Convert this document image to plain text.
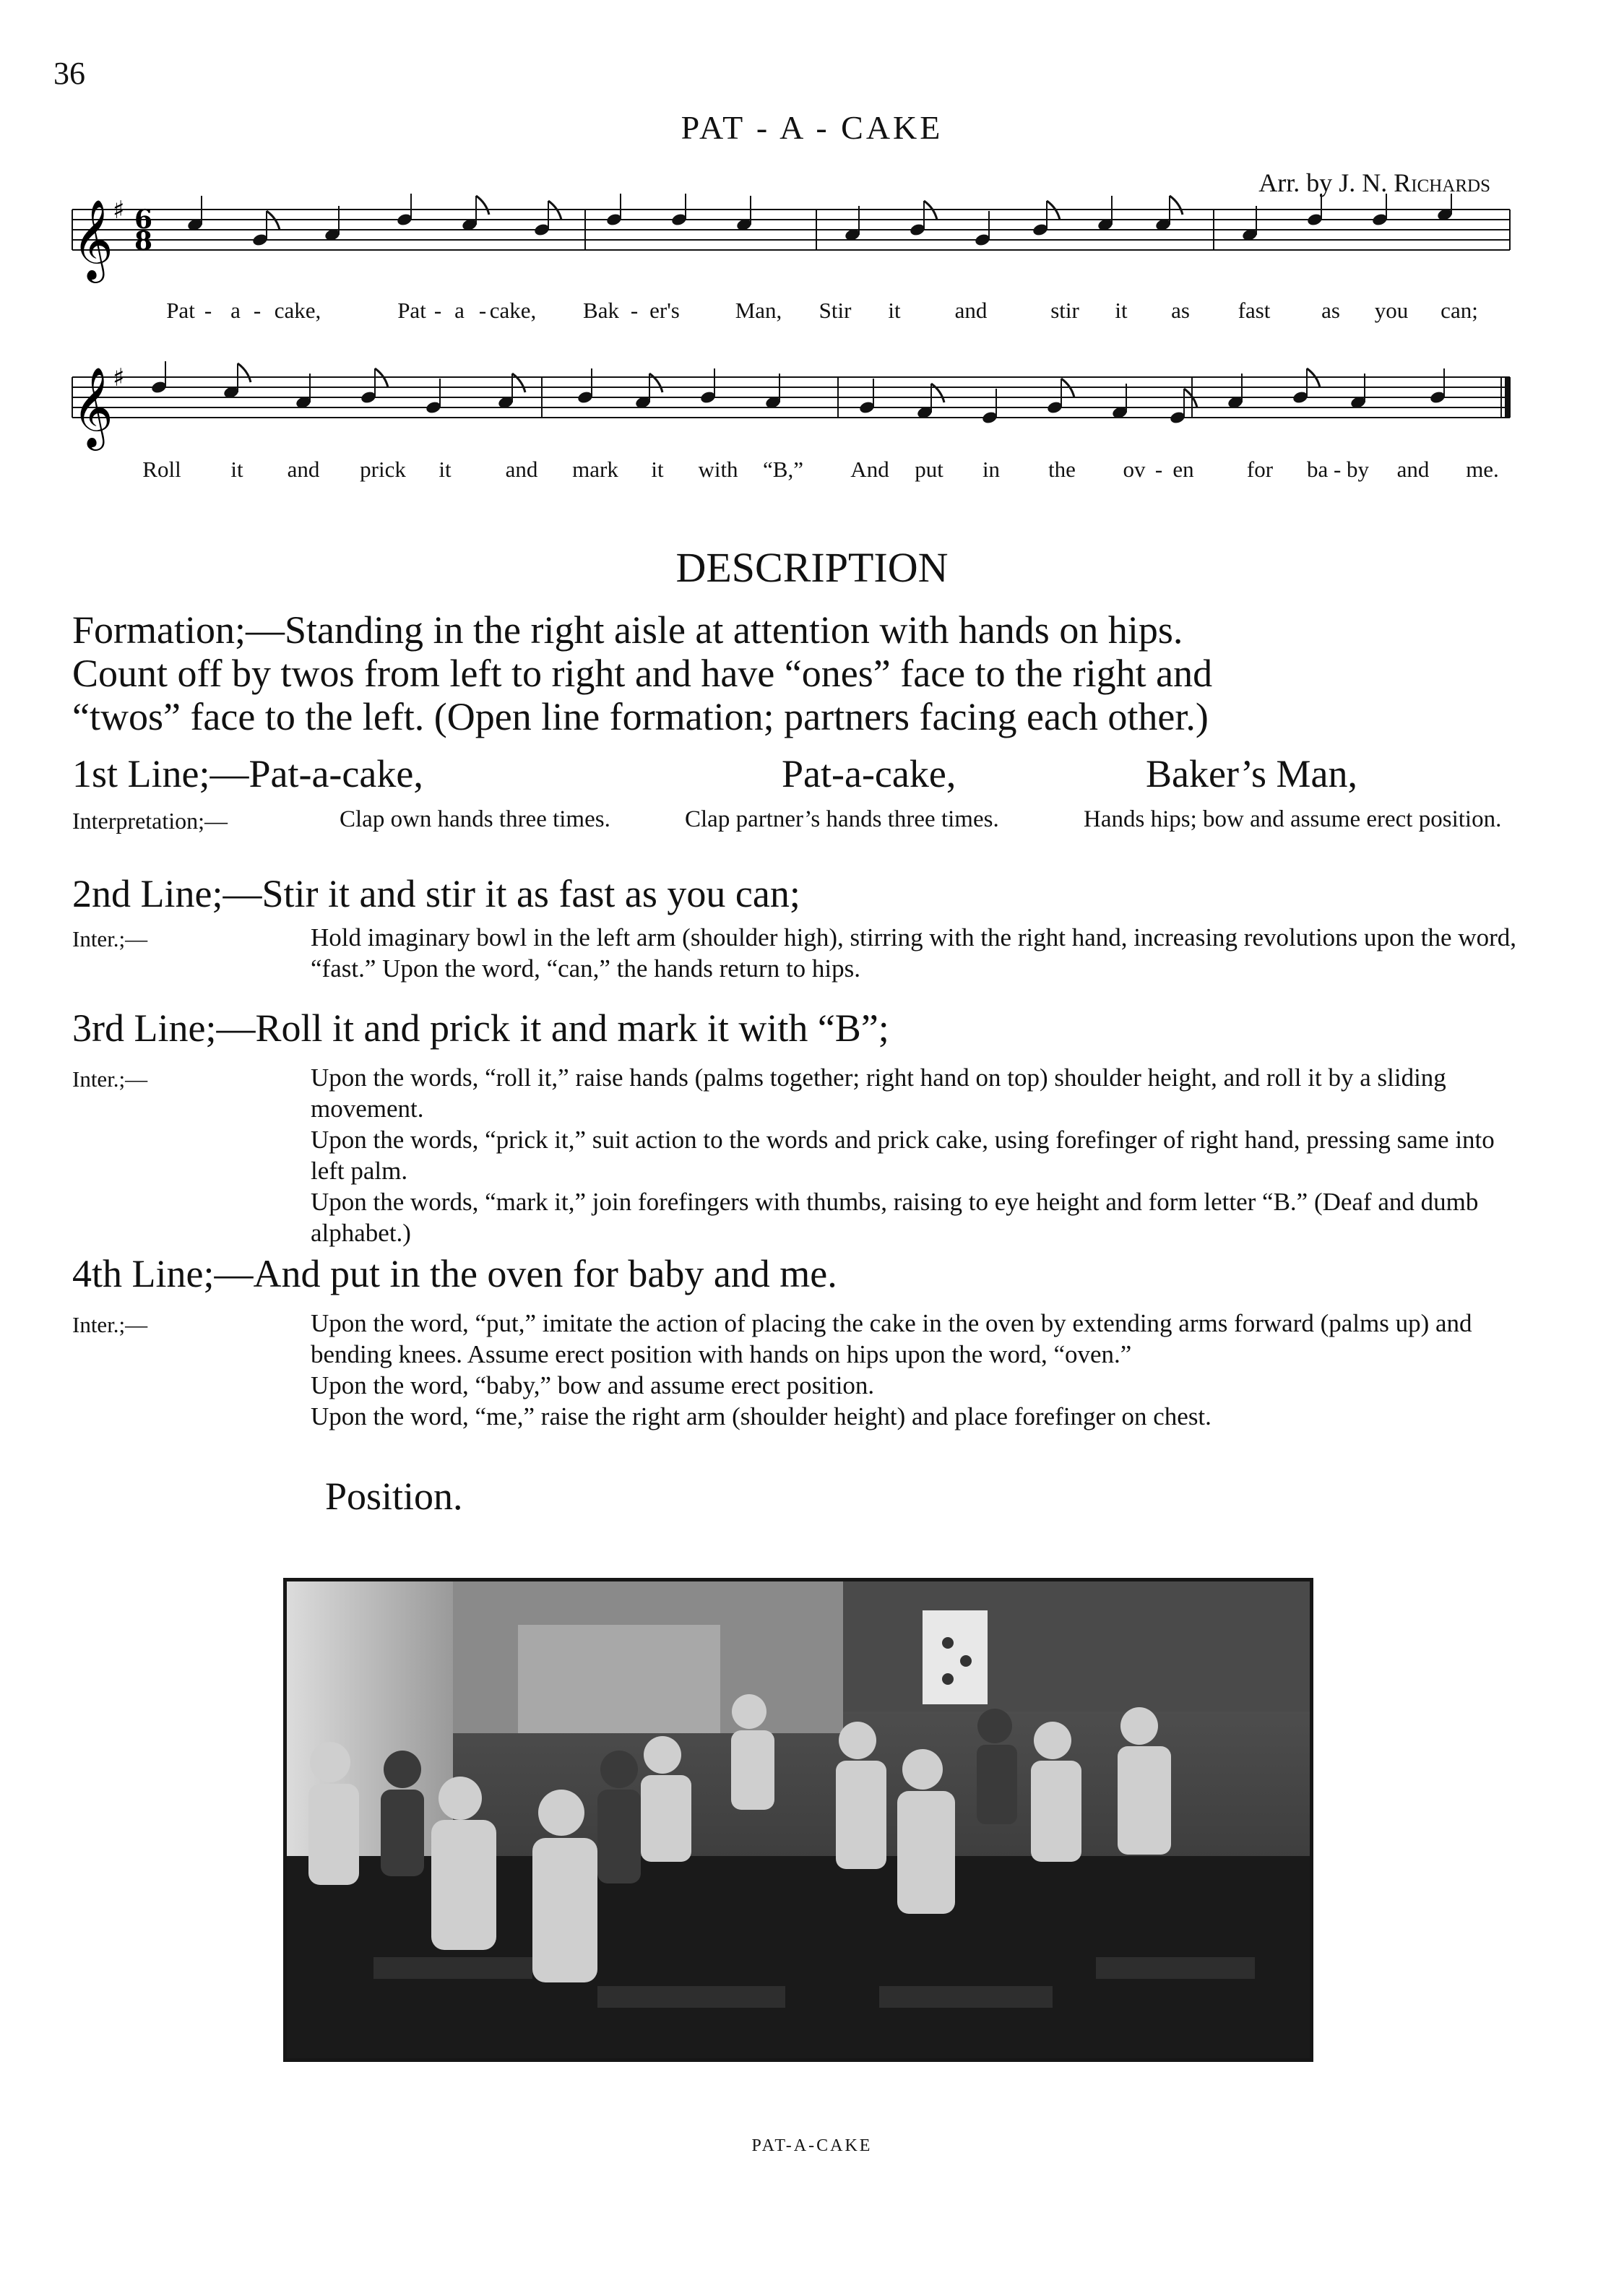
36
PAT - A - CAKE
Arr. by J. N. Richards
𝄞 ♯ 6
8
Pat - a - cake,	Pat - a - cake, Bak - er's Man, Stir it and	stir it as fast as you can;
𝄞 ♯
Roll it and prick it and mark it with “B,” And put in the ov - en for ba - by and me.
DESCRIPTION
Formation;—Standing in the right aisle at attention with hands on hips.
Count off by twos from left to right and have “ones” face to the right and
“twos” face to the left. (Open line formation; partners facing each other.)
1st Line;—Pat-a-cake,	Pat-a-cake,	Baker’s Man,
Interpretation;—	Clap own hands three times.	Clap partner’s hands three times.	Hands hips; bow and assume erect position.
2nd Line;—Stir it and stir it as fast as you can;
Inter.;—	Hold imaginary bowl in the left arm (shoulder high), stirring with the right hand, increasing revolutions upon the word, “fast.” Upon the word, “can,” the hands return to hips.
3rd Line;—Roll it and prick it and mark it with “B”;
Inter.;—	Upon the words, “roll it,” raise hands (palms together; right hand on top) shoulder height, and roll it by a sliding movement.

Upon the words, “prick it,” suit action to the words and prick cake, using forefinger of right hand, pressing same into left palm.

Upon the words, “mark it,” join forefingers with thumbs, raising to eye height and form letter “B.” (Deaf and dumb alphabet.)

4th Line;—And put in the oven for baby and me.
Inter.;—	Upon the word, “put,” imitate the action of placing the cake in the oven by extending arms forward (palms up) and bending knees. Assume erect position with hands on hips upon the word, “oven.”

Upon the word, “baby,” bow and assume erect position.

Upon the word, “me,” raise the right arm (shoulder height) and place forefinger on chest.

Position.
PAT-A-CAKE
